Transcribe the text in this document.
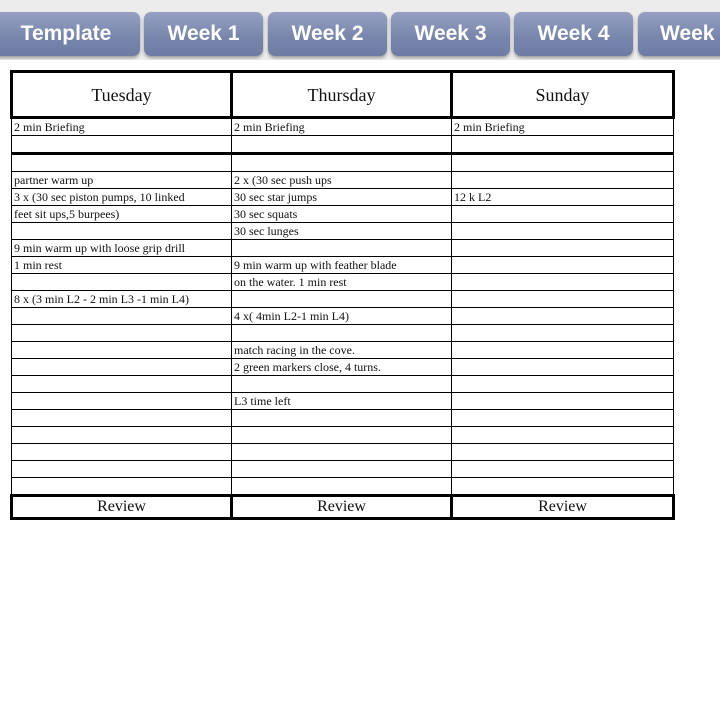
Template	Week 1	Week 2	Week 3	Week 4	Week
Tuesday	Thursday	Sunday
2 min Briefing	2 min Briefing	2 min Briefing

partner warm up	2 x (30 sec push ups	
3 x (30 sec piston pumps, 10 linked	30 sec star jumps	12 k L2
feet sit ups,5 burpees)	30 sec squats	
	30 sec lunges	
9 min warm up with loose grip drill		
1 min rest	9 min warm up with feather blade	
	on the water. 1 min rest	
8 x (3 min L2 - 2 min L3 -1 min L4)		
	4 x( 4min L2-1 min L4)	

	match racing in the cove.	
	2 green markers close, 4 turns.	

	L3 time left	

Review	Review	Review
